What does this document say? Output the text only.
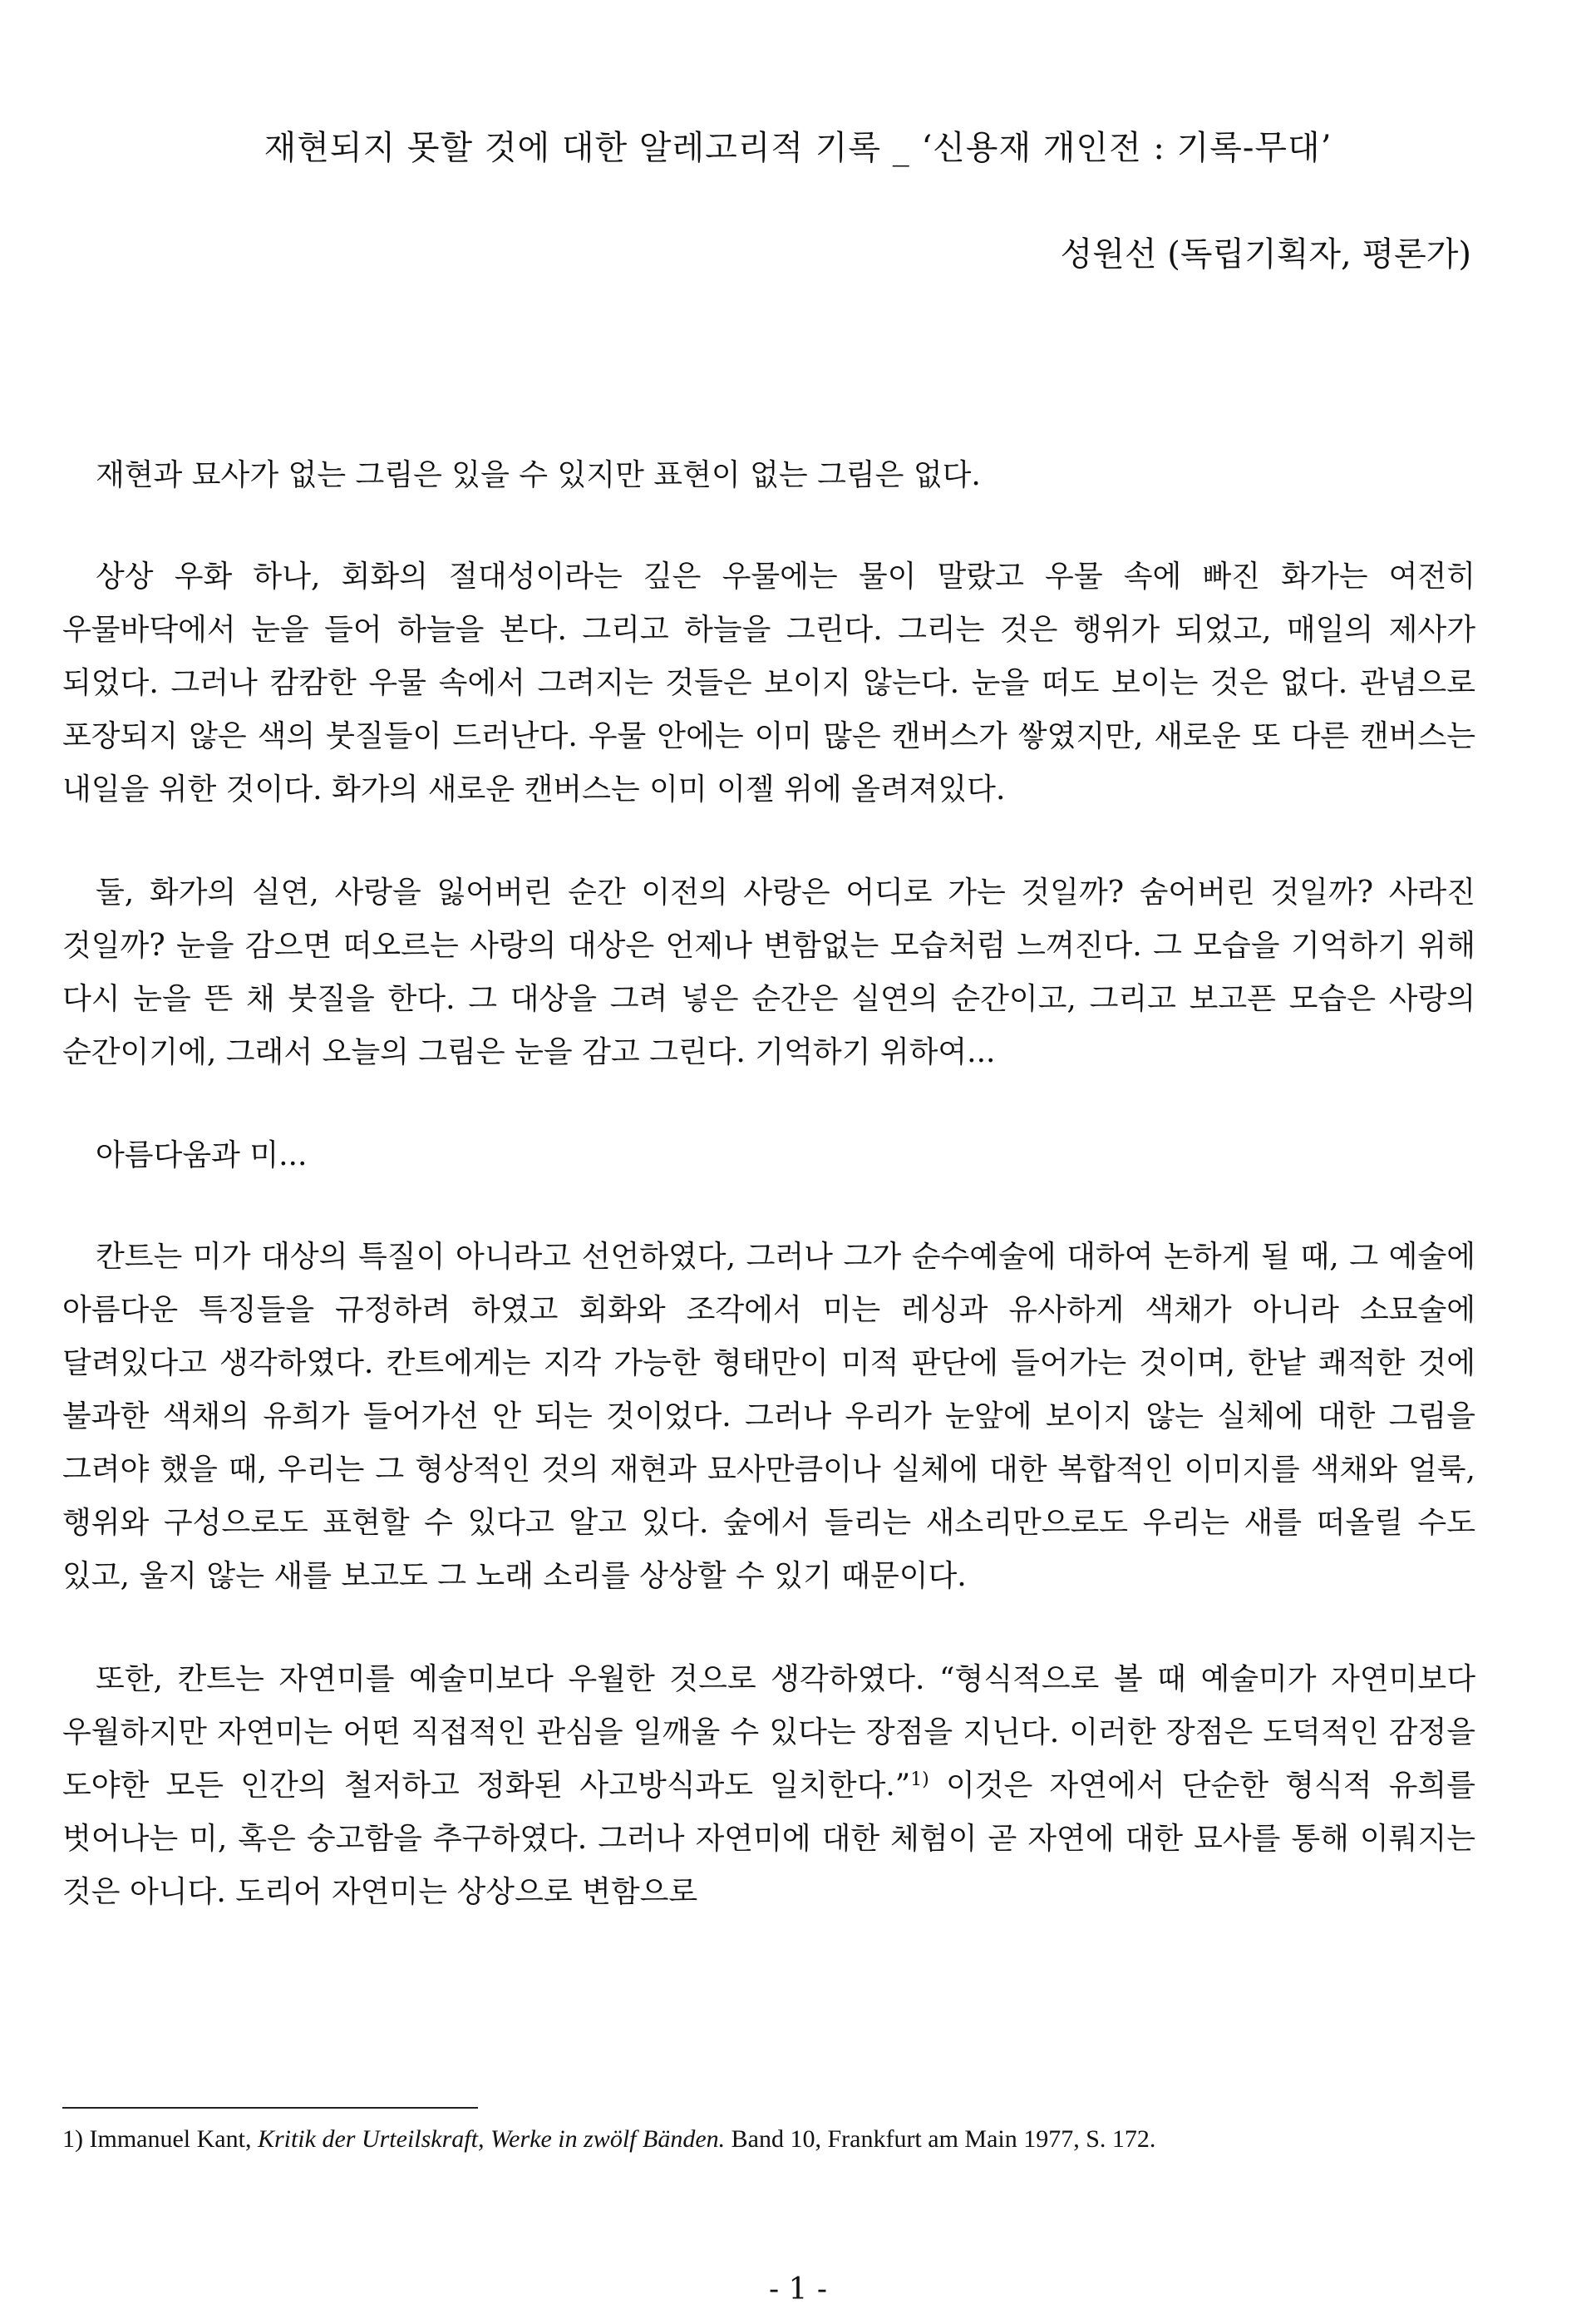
재현되지 못할 것에 대한 알레고리적 기록 _ ‘신용재 개인전 : 기록-무대’
성원선 (독립기획자, 평론가)

재현과 묘사가 없는 그림은 있을 수 있지만 표현이 없는 그림은 없다.

상상 우화 하나, 회화의 절대성이라는 깊은 우물에는 물이 말랐고 우물 속에 빠진 화가는 여전히 우물바닥에서 눈을 들어 하늘을 본다. 그리고 하늘을 그린다. 그리는 것은 행위가 되었고, 매일의 제사가 되었다. 그러나 캄캄한 우물 속에서 그려지는 것들은 보이지 않는다. 눈을 떠도 보이는 것은 없다. 관념으로 포장되지 않은 색의 붓질들이 드러난다. 우물 안에는 이미 많은 캔버스가 쌓였지만, 새로운 또 다른 캔버스는 내일을 위한 것이다. 화가의 새로운 캔버스는 이미 이젤 위에 올려져있다.

둘, 화가의 실연, 사랑을 잃어버린 순간 이전의 사랑은 어디로 가는 것일까? 숨어버린 것일까? 사라진 것일까? 눈을 감으면 떠오르는 사랑의 대상은 언제나 변함없는 모습처럼 느껴진다. 그 모습을 기억하기 위해 다시 눈을 뜬 채 붓질을 한다. 그 대상을 그려 넣은 순간은 실연의 순간이고, 그리고 보고픈 모습은 사랑의 순간이기에, 그래서 오늘의 그림은 눈을 감고 그린다. 기억하기 위하여...

아름다움과 미...

칸트는 미가 대상의 특질이 아니라고 선언하였다, 그러나 그가 순수예술에 대하여 논하게 될 때, 그 예술에 아름다운 특징들을 규정하려 하였고 회화와 조각에서 미는 레싱과 유사하게 색채가 아니라 소묘술에 달려있다고 생각하였다. 칸트에게는 지각 가능한 형태만이 미적 판단에 들어가는 것이며, 한낱 쾌적한 것에 불과한 색채의 유희가 들어가선 안 되는 것이었다. 그러나 우리가 눈앞에 보이지 않는 실체에 대한 그림을 그려야 했을 때, 우리는 그 형상적인 것의 재현과 묘사만큼이나 실체에 대한 복합적인 이미지를 색채와 얼룩, 행위와 구성으로도 표현할 수 있다고 알고 있다. 숲에서 들리는 새소리만으로도 우리는 새를 떠올릴 수도 있고, 울지 않는 새를 보고도 그 노래 소리를 상상할 수 있기 때문이다.

또한, 칸트는 자연미를 예술미보다 우월한 것으로 생각하였다. “형식적으로 볼 때 예술미가 자연미보다 우월하지만 자연미는 어떤 직접적인 관심을 일깨울 수 있다는 장점을 지닌다. 이러한 장점은 도덕적인 감정을 도야한 모든 인간의 철저하고 정화된 사고방식과도 일치한다.”$^{1)}$ 이것은 자연에서 단순한 형식적 유희를 벗어나는 미, 혹은 숭고함을 추구하였다. 그러나 자연미에 대한 체험이 곧 자연에 대한 묘사를 통해 이뤄지는 것은 아니다. 도리어 자연미는 상상으로 변함으로

1) Immanuel Kant, Kritik der Urteilskraft, Werke in zwölf Bänden. Band 10, Frankfurt am Main 1977, S. 172.
- 1 -
